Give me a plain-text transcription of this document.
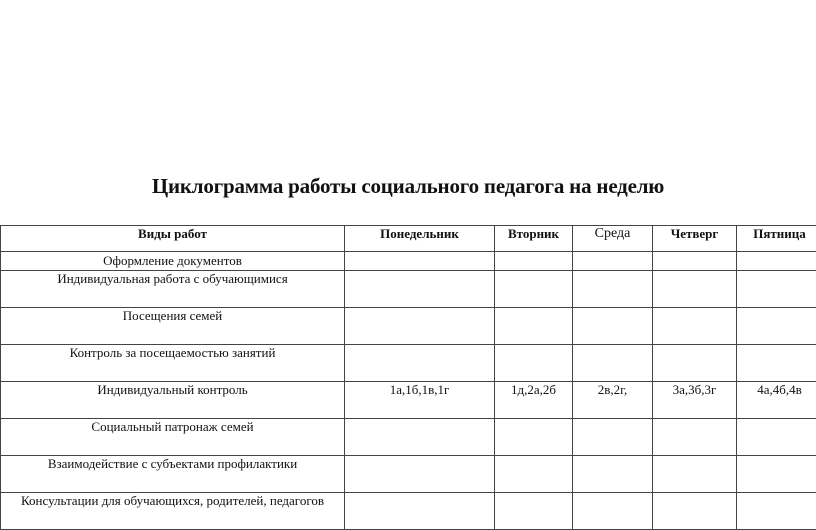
Циклограмма работы социального педагога на неделю
Виды работ	Понедельник	Вторник	Среда	Четверг	Пятница
Оформление документов					
Индивидуальная работа с обучающимися					
Посещения семей					
Контроль за посещаемостью занятий					
Индивидуальный контроль	1а,1б,1в,1г	1д,2а,2б	2в,2г,	3а,3б,3г	4а,4б,4в
Социальный патронаж семей					
Взаимодействие с субъектами профилактики					
Консультации для обучающихся, родителей, педагогов					
